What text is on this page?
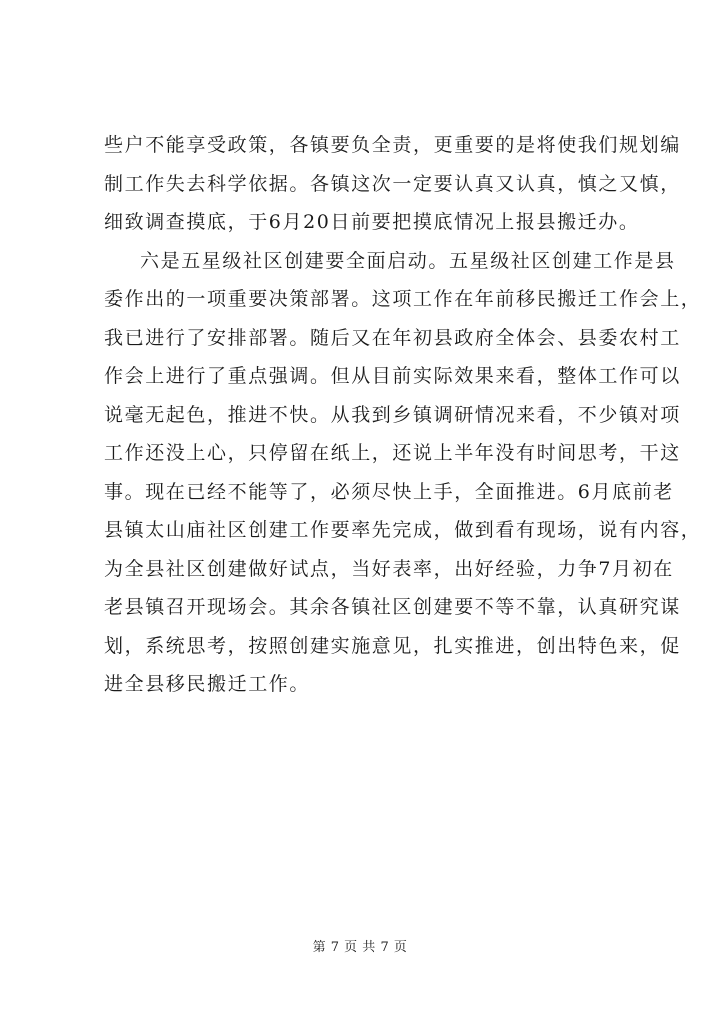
些户不能享受政策，各镇要负全责，更重要的是将使我们规划编
制工作失去科学依据。各镇这次一定要认真又认真，慎之又慎，
细致调查摸底，于6月20日前要把摸底情况上报县搬迁办。

六是五星级社区创建要全面启动。五星级社区创建工作是县
委作出的一项重要决策部署。这项工作在年前移民搬迁工作会上，
我已进行了安排部署。随后又在年初县政府全体会、县委农村工
作会上进行了重点强调。但从目前实际效果来看，整体工作可以
说毫无起色，推进不快。从我到乡镇调研情况来看，不少镇对项
工作还没上心，只停留在纸上，还说上半年没有时间思考，干这
事。现在已经不能等了，必须尽快上手，全面推进。6月底前老
县镇太山庙社区创建工作要率先完成，做到看有现场，说有内容，
为全县社区创建做好试点，当好表率，出好经验，力争7月初在
老县镇召开现场会。其余各镇社区创建要不等不靠，认真研究谋
划，系统思考，按照创建实施意见，扎实推进，创出特色来，促
进全县移民搬迁工作。

第 7 页 共 7 页
